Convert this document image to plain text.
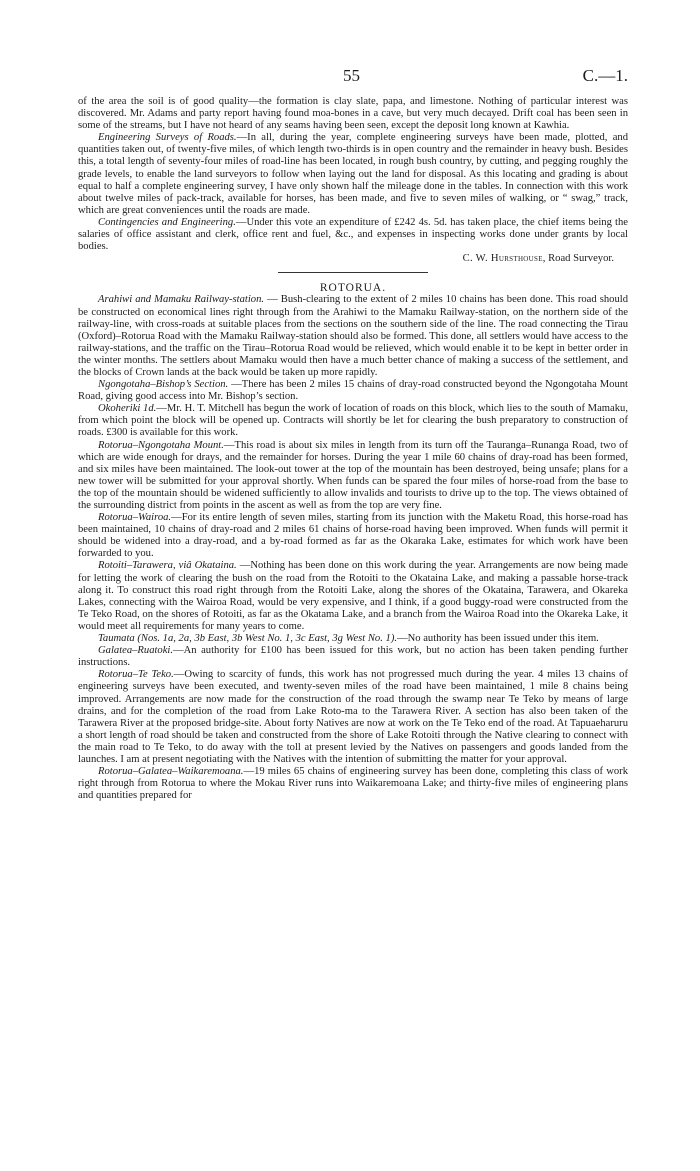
55	C.—1.

of the area the soil is of good quality—the formation is clay slate, papa, and limestone. Nothing of particular interest was discovered. Mr. Adams and party report having found moa-bones in a cave, but very much decayed. Drift coal has been seen in some of the streams, but I have not heard of any seams having been seen, except the deposit long known at Kawhia.

Engineering Surveys of Roads.—In all, during the year, complete engineering surveys have been made, plotted, and quantities taken out, of twenty-five miles, of which length two-thirds is in open country and the remainder in heavy bush. Besides this, a total length of seventy-four miles of road-line has been located, in rough bush country, by cutting, and pegging roughly the grade levels, to enable the land surveyors to follow when laying out the land for disposal. As this locating and grading is about equal to half a complete engineering survey, I have only shown half the mileage done in the tables. In connection with this work about twelve miles of pack-track, available for horses, has been made, and five to seven miles of walking, or “ swag,” track, which are great conveniences until the roads are made.

Contingencies and Engineering.—Under this vote an expenditure of £242 4s. 5d. has taken place, the chief items being the salaries of office assistant and clerk, office rent and fuel, &c., and expenses in inspecting works done under grants by local bodies.

C. W. Hursthouse, Road Surveyor.

ROTORUA.

Arahiwi and Mamaku Railway-station. — Bush-clearing to the extent of 2 miles 10 chains has been done. This road should be constructed on economical lines right through from the Arahiwi to the Mamaku Railway-station, on the northern side of the railway-line, with cross-roads at suitable places from the sections on the southern side of the line. The road connecting the Tirau (Oxford)–Rotorua Road with the Mamaku Railway-station should also be formed. This done, all settlers would have access to the railway-stations, and the traffic on the Tirau–Rotorua Road would be relieved, which would enable it to be kept in better order in the winter months. The settlers about Mamaku would then have a much better chance of making a success of the settlement, and the blocks of Crown lands at the back would be taken up more rapidly.

Ngongotaha–Bishop’s Section. —There has been 2 miles 15 chains of dray-road constructed beyond the Ngongotaha Mount Road, giving good access into Mr. Bishop’s section.

Okoheriki 1d.—Mr. H. T. Mitchell has begun the work of location of roads on this block, which lies to the south of Mamaku, from which point the block will be opened up. Contracts will shortly be let for clearing the bush preparatory to construction of roads. £300 is available for this work.

Rotorua–Ngongotaha Mount.—This road is about six miles in length from its turn off the Tauranga–Runanga Road, two of which are wide enough for drays, and the remainder for horses. During the year 1 mile 60 chains of dray-road has been formed, and six miles have been maintained. The look-out tower at the top of the mountain has been destroyed, being unsafe; plans for a new tower will be submitted for your approval shortly. When funds can be spared the four miles of horse-road from the base to the top of the mountain should be widened sufficiently to allow invalids and tourists to drive up to the top. The views obtained of the surrounding district from points in the ascent as well as from the top are very fine.

Rotorua–Wairoa.—For its entire length of seven miles, starting from its junction with the Maketu Road, this horse-road has been maintained, 10 chains of dray-road and 2 miles 61 chains of horse-road having been improved. When funds will permit it should be widened into a dray-road, and a by-road formed as far as the Okaraka Lake, estimates for which work have been forwarded to you.

Rotoiti–Tarawera, viâ Okataina. —Nothing has been done on this work during the year. Arrangements are now being made for letting the work of clearing the bush on the road from the Rotoiti to the Okataina Lake, and making a passable horse-track along it. To construct this road right through from the Rotoiti Lake, along the shores of the Okataina, Tarawera, and Okareka Lakes, connecting with the Wairoa Road, would be very expensive, and I think, if a good buggy-road were constructed from the Te Teko Road, on the shores of Rotoiti, as far as the Okatama Lake, and a branch from the Wairoa Road into the Okareka Lake, it would meet all requirements for many years to come.

Taumata (Nos. 1a, 2a, 3b East, 3b West No. 1, 3c East, 3g West No. 1).—No authority has been issued under this item.

Galatea–Ruatoki.—An authority for £100 has been issued for this work, but no action has been taken pending further instructions.

Rotorua–Te Teko.—Owing to scarcity of funds, this work has not progressed much during the year. 4 miles 13 chains of engineering surveys have been executed, and twenty-seven miles of the road have been maintained, 1 mile 8 chains being improved. Arrangements are now made for the construction of the road through the swamp near Te Teko by means of large drains, and for the completion of the road from Lake Roto-ma to the Tarawera River. A section has also been taken of the Tarawera River at the proposed bridge-site. About forty Natives are now at work on the Te Teko end of the road. At Tapuaeharuru a short length of road should be taken and constructed from the shore of Lake Rotoiti through the Native clearing to connect with the main road to Te Teko, to do away with the toll at present levied by the Natives on passengers and goods landed from the launches. I am at present negotiating with the Natives with the intention of submitting the matter for your approval.

Rotorua–Galatea–Waikaremoana.—19 miles 65 chains of engineering survey has been done, completing this class of work right through from Rotorua to where the Mokau River runs into Waikaremoana Lake; and thirty-five miles of engineering plans and quantities prepared for
